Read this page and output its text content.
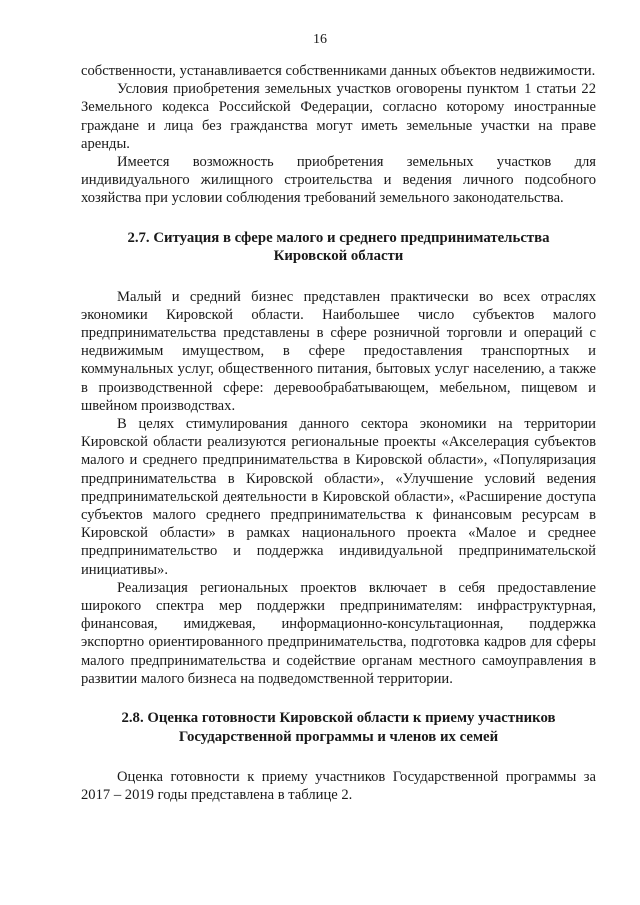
16

собственности, устанавливается собственниками данных объектов недвижимости.

Условия приобретения земельных участков оговорены пунктом 1 статьи 22 Земельного кодекса Российской Федерации, согласно которому иностранные граждане и лица без гражданства могут иметь земельные участки на праве аренды.

Имеется возможность приобретения земельных участков для индивидуального жилищного строительства и ведения личного подсобного хозяйства при условии соблюдения требований земельного законодательства.

2.7. Ситуация в сфере малого и среднего предпринимательства

Кировской области

Малый и средний бизнес представлен практически во всех отраслях экономики Кировской области. Наибольшее число субъектов малого предпринимательства представлены в сфере розничной торговли и операций с недвижимым имуществом, в сфере предоставления транспортных и коммунальных услуг, общественного питания, бытовых услуг населению, а также в производственной сфере: деревообрабатывающем, мебельном, пищевом и швейном производствах.

В целях стимулирования данного сектора экономики на территории Кировской области реализуются региональные проекты «Акселерация субъектов малого и среднего предпринимательства в Кировской области», «Популяризация предпринимательства в Кировской области», «Улучшение условий ведения предпринимательской деятельности в Кировской области», «Расширение доступа субъектов малого среднего предпринимательства к финансовым ресурсам в Кировской области» в рамках национального проекта «Малое и среднее предпринимательство и поддержка индивидуальной предпринимательской инициативы».

Реализация региональных проектов включает в себя предоставление широкого спектра мер поддержки предпринимателям: инфраструктурная, финансовая, имиджевая, информационно-консультационная, поддержка экспортно ориентированного предпринимательства, подготовка кадров для сферы малого предпринимательства и содействие органам местного самоуправления в развитии малого бизнеса на подведомственной территории.

2.8. Оценка готовности Кировской области к приему участников

Государственной программы и членов их семей

Оценка готовности к приему участников Государственной программы за 2017 – 2019 годы представлена в таблице 2.
